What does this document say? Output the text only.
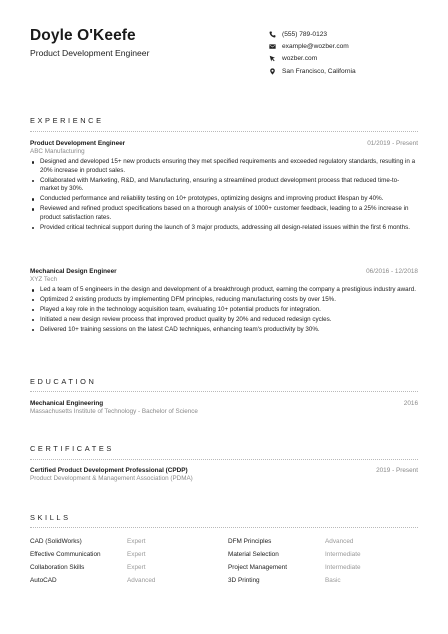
Doyle O'Keefe
Product Development Engineer
(555) 789-0123
example@wozber.com
wozber.com
San Francisco, California
EXPERIENCE
Product Development Engineer	01/2019 - Present
ABC Manufacturing
Designed and developed 15+ new products ensuring they met specified requirements and exceeded regulatory standards, resulting in a 20% increase in product sales.
Collaborated with Marketing, R&D, and Manufacturing, ensuring a streamlined product development process that reduced time-to-market by 30%.
Conducted performance and reliability testing on 10+ prototypes, optimizing designs and improving product lifespan by 40%.
Reviewed and refined product specifications based on a thorough analysis of 1000+ customer feedback, leading to a 25% increase in product satisfaction rates.
Provided critical technical support during the launch of 3 major products, addressing all design-related issues within the first 6 months.
Mechanical Design Engineer	06/2016 - 12/2018
XYZ Tech
Led a team of 5 engineers in the design and development of a breakthrough product, earning the company a prestigious industry award.
Optimized 2 existing products by implementing DFM principles, reducing manufacturing costs by over 15%.
Played a key role in the technology acquisition team, evaluating 10+ potential products for integration.
Initiated a new design review process that improved product quality by 20% and reduced redesign cycles.
Delivered 10+ training sessions on the latest CAD techniques, enhancing team's productivity by 30%.
EDUCATION
Mechanical Engineering	2016
Massachusetts Institute of Technology - Bachelor of Science
CERTIFICATES
Certified Product Development Professional (CPDP)	2019 - Present
Product Development & Management Association (PDMA)
SKILLS
CAD (SolidWorks)	Expert	DFM Principles	Advanced
Effective Communication	Expert	Material Selection	Intermediate
Collaboration Skills	Expert	Project Management	Intermediate
AutoCAD	Advanced	3D Printing	Basic
